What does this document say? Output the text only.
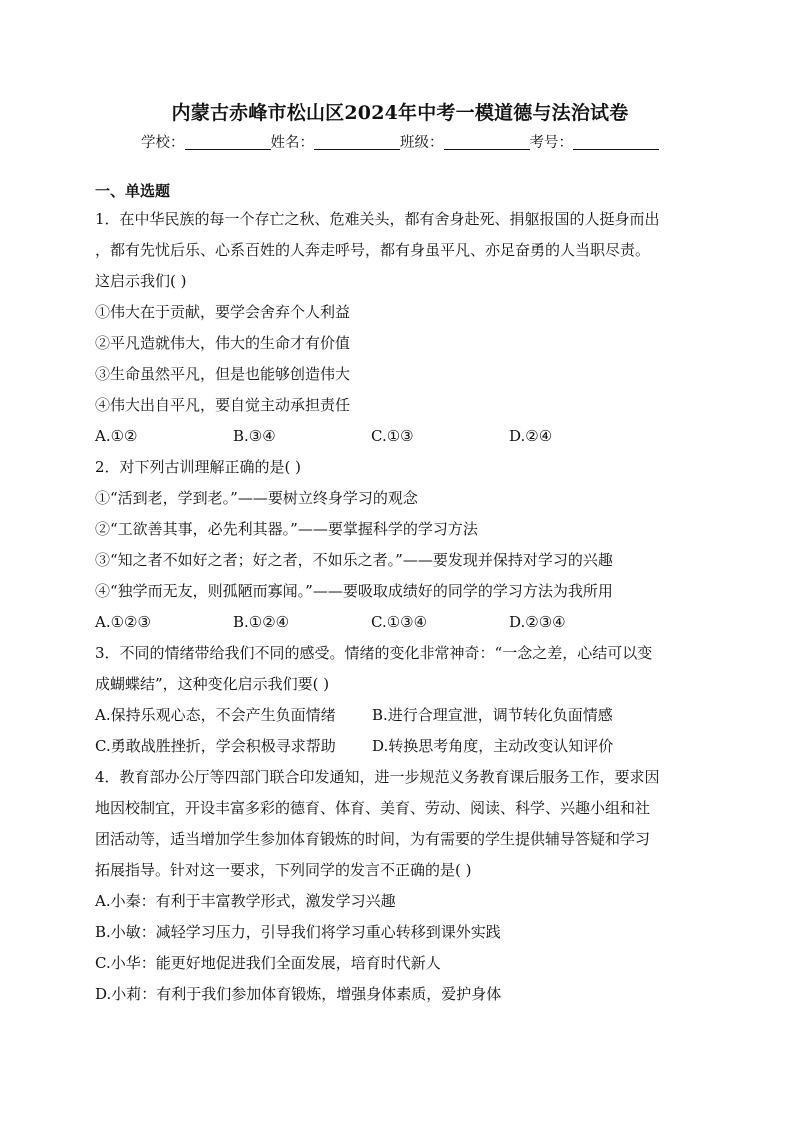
内蒙古赤峰市松山区2024年中考一模道德与法治试卷
学校：	姓名：	班级：	考号：
一、单选题

1．在中华民族的每一个存亡之秋、危难关头，都有舍身赴死、捐躯报国的人挺身而出

，都有先忧后乐、心系百姓的人奔走呼号，都有身虽平凡、亦足奋勇的人当职尽责。

这启示我们( )

①伟大在于贡献，要学会舍弃个人利益

②平凡造就伟大，伟大的生命才有价值

③生命虽然平凡，但是也能够创造伟大

④伟大出自平凡，要自觉主动承担责任

A.①②	B.③④	C.①③	D.②④

2．对下列古训理解正确的是( )

①“活到老，学到老。”——要树立终身学习的观念

②“工欲善其事，必先利其器。”——要掌握科学的学习方法

③“知之者不如好之者；好之者，不如乐之者。”——要发现并保持对学习的兴趣

④“独学而无友，则孤陋而寡闻。”——要吸取成绩好的同学的学习方法为我所用

A.①②③	B.①②④	C.①③④	D.②③④

3．不同的情绪带给我们不同的感受。情绪的变化非常神奇：“一念之差，心结可以变

成蝴蝶结”，这种变化启示我们要( )

A.保持乐观心态，不会产生负面情绪	B.进行合理宣泄，调节转化负面情感
C.勇敢战胜挫折，学会积极寻求帮助	D.转换思考角度，主动改变认知评价

4．教育部办公厅等四部门联合印发通知，进一步规范义务教育课后服务工作，要求因

地因校制宜，开设丰富多彩的德育、体育、美育、劳动、阅读、科学、兴趣小组和社

团活动等，适当增加学生参加体育锻炼的时间，为有需要的学生提供辅导答疑和学习

拓展指导。针对这一要求，下列同学的发言不正确的是( )

A.小秦：有利于丰富教学形式，激发学习兴趣

B.小敏：减轻学习压力，引导我们将学习重心转移到课外实践

C.小华：能更好地促进我们全面发展，培育时代新人

D.小莉：有利于我们参加体育锻炼，增强身体素质，爱护身体
